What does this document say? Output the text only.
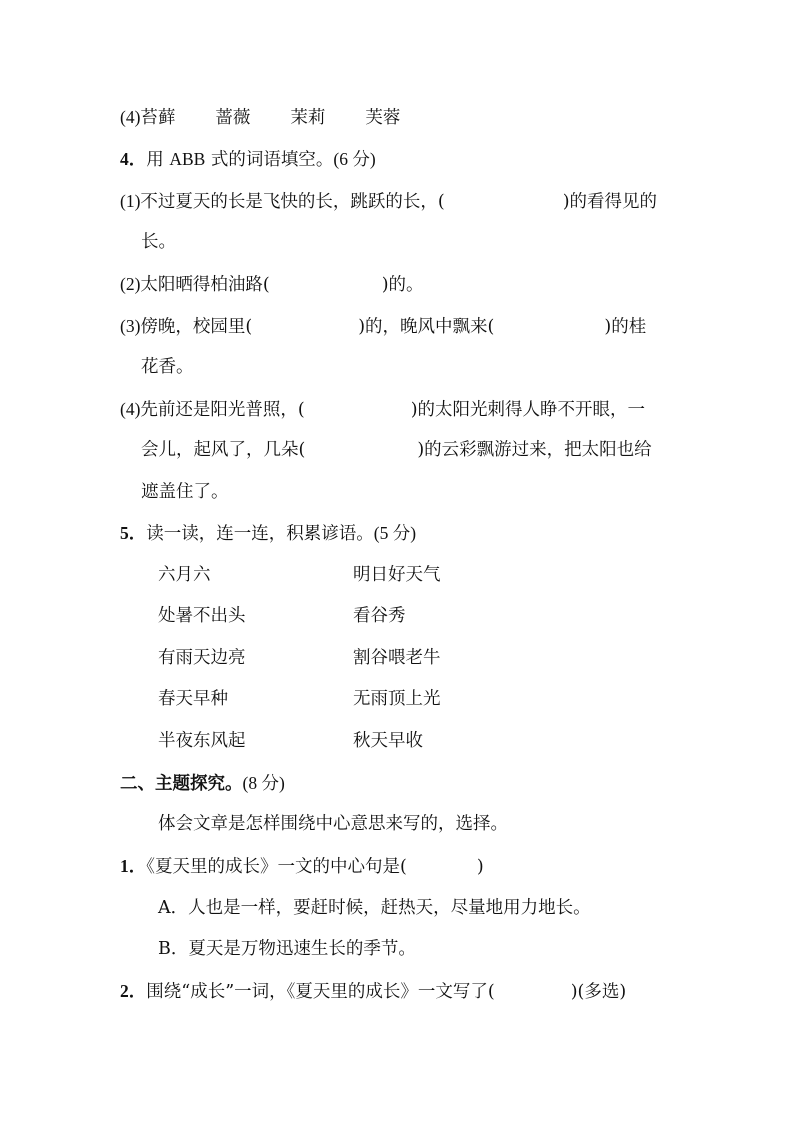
(4)苔藓 蔷薇 茉莉 芙蓉
4．用 ABB 式的词语填空。(6 分)
(1)不过夏天的长是飞快的长，跳跃的长，(	)的看得见的
长。
(2)太阳晒得柏油路(	)的。
(3)傍晚，校园里(	)的，晚风中飘来(	)的桂
花香。
(4)先前还是阳光普照，(	)的太阳光刺得人睁不开眼，一
会儿，起风了，几朵(	)的云彩飘游过来，把太阳也给
遮盖住了。
5．读一读，连一连，积累谚语。(5 分)
六月六	明日好天气
处暑不出头	看谷秀
有雨天边亮	割谷喂老牛
春天早种	无雨顶上光
半夜东风起	秋天早收
二、主题探究。(8 分)
体会文章是怎样围绕中心意思来写的，选择。
1．《夏天里的成长》一文的中心句是(	)
A．人也是一样，要赶时候，赶热天，尽量地用力地长。
B．夏天是万物迅速生长的季节。
2．围绕“成长”一词，《夏天里的成长》一文写了(	)(多选)
